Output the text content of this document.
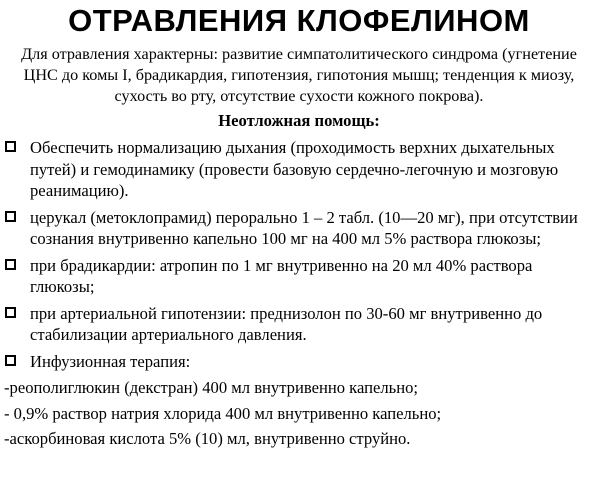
ОТРАВЛЕНИЯ КЛОФЕЛИНОМ

Для отравления характерны: развитие симпатолитического синдрома (угнетение ЦНС до комы I, брадикардия, гипотензия, гипотония мышц; тенденция к миозу, сухость во рту, отсутствие сухости кожного покрова).

Неотложная помощь:
Обеспечить нормализацию дыхания (проходимость верхних дыхательных путей) и гемодинамику (провести базовую сердечно-легочную и мозговую реанимацию).
церукал (метоклопрамид) перорально 1 – 2 табл. (10—20 мг), при отсутствии сознания внутривенно капельно 100 мг на 400 мл 5% раствора глюкозы;
при брадикардии: атропин по 1 мг внутривенно на 20 мл 40% раствора глюкозы;
при артериальной гипотензии: преднизолон по 30-60 мг внутривенно до стабилизации артериального давления.
Инфузионная терапия:
-реополиглюкин (декстран) 400 мл внутривенно капельно;
- 0,9% раствор натрия хлорида 400 мл внутривенно капельно;
-аскорбиновая кислота 5% (10) мл, внутривенно струйно.
